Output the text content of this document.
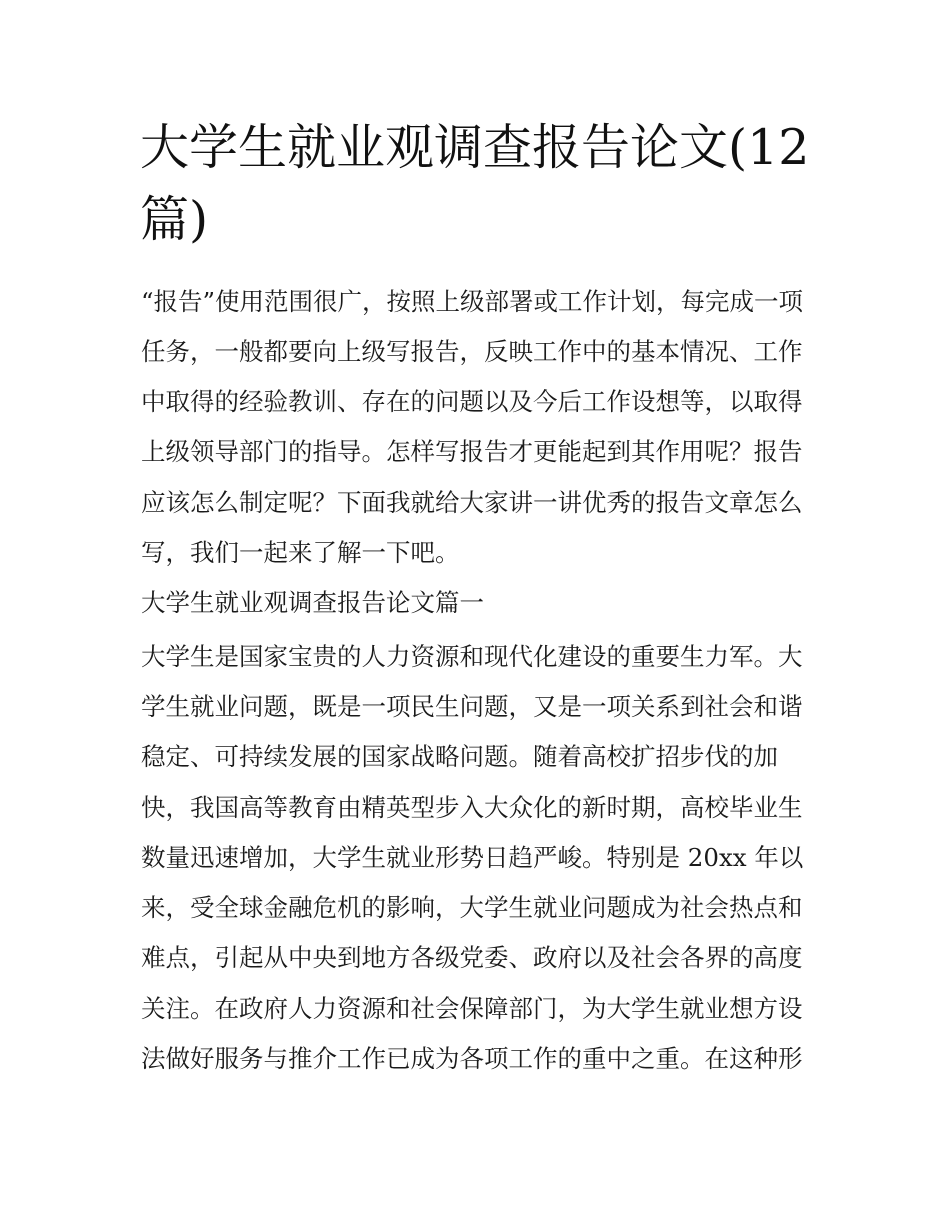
大学生就业观调查报告论文(12篇)
“报告”使用范围很广，按照上级部署或工作计划，每完成一项
任务，一般都要向上级写报告，反映工作中的基本情况、工作
中取得的经验教训、存在的问题以及今后工作设想等，以取得
上级领导部门的指导。怎样写报告才更能起到其作用呢？报告
应该怎么制定呢？下面我就给大家讲一讲优秀的报告文章怎么
写，我们一起来了解一下吧。
大学生就业观调查报告论文篇一
大学生是国家宝贵的人力资源和现代化建设的重要生力军。大
学生就业问题，既是一项民生问题，又是一项关系到社会和谐
稳定、可持续发展的国家战略问题。随着高校扩招步伐的加
快，我国高等教育由精英型步入大众化的新时期，高校毕业生
数量迅速增加，大学生就业形势日趋严峻。特别是 20xx 年以
来，受全球金融危机的影响，大学生就业问题成为社会热点和
难点，引起从中央到地方各级党委、政府以及社会各界的高度
关注。在政府人力资源和社会保障部门，为大学生就业想方设
法做好服务与推介工作已成为各项工作的重中之重。在这种形
